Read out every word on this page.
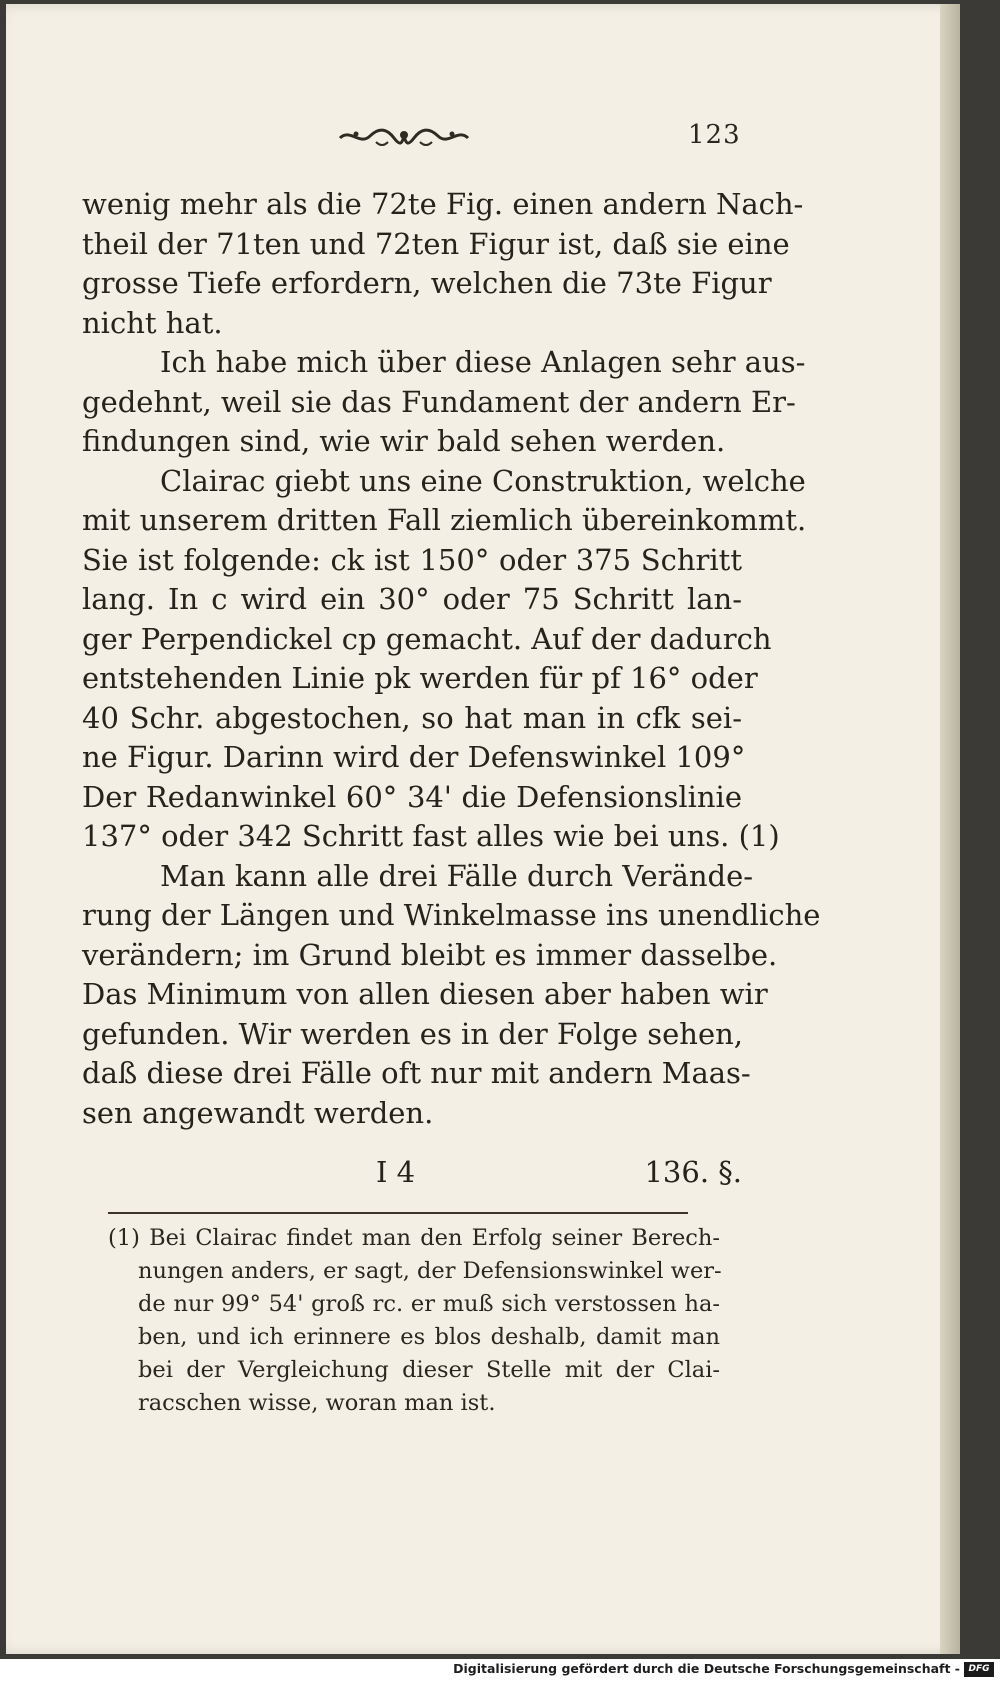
123
wenig mehr als die 72te Fig. einen andern Nach-
theil der 71ten und 72ten Figur ist, daß sie eine
grosse Tiefe erfordern, welchen die 73te Figur
nicht hat.
Ich habe mich über diese Anlagen sehr aus-
gedehnt, weil sie das Fundament der andern Er-
findungen sind, wie wir bald sehen werden.
Clairac giebt uns eine Construktion, welche
mit unserem dritten Fall ziemlich übereinkommt.
Sie ist folgende: ck ist 150° oder 375 Schritt
lang. In c wird ein 30° oder 75 Schritt lan-
ger Perpendickel cp gemacht. Auf der dadurch
entstehenden Linie pk werden für pf 16° oder
40 Schr. abgestochen, so hat man in cfk sei-
ne Figur. Darinn wird der Defenswinkel 109°
Der Redanwinkel 60° 34' die Defensionslinie
137° oder 342 Schritt fast alles wie bei uns. (1)
Man kann alle drei Fälle durch Verände-
rung der Längen und Winkelmasse ins unendliche
verändern; im Grund bleibt es immer dasselbe.
Das Minimum von allen diesen aber haben wir
gefunden. Wir werden es in der Folge sehen,
daß diese drei Fälle oft nur mit andern Maas-
sen angewandt werden.
I 4	136. §.
(1) Bei Clairac findet man den Erfolg seiner Berech-
nungen anders, er sagt, der Defensionswinkel wer-
de nur 99° 54' groß rc. er muß sich verstossen ha-
ben, und ich erinnere es blos deshalb, damit man
bei der Vergleichung dieser Stelle mit der Clai-
racschen wisse, woran man ist.
Digitalisierung gefördert durch die Deutsche Forschungsgemeinschaft - DFG
